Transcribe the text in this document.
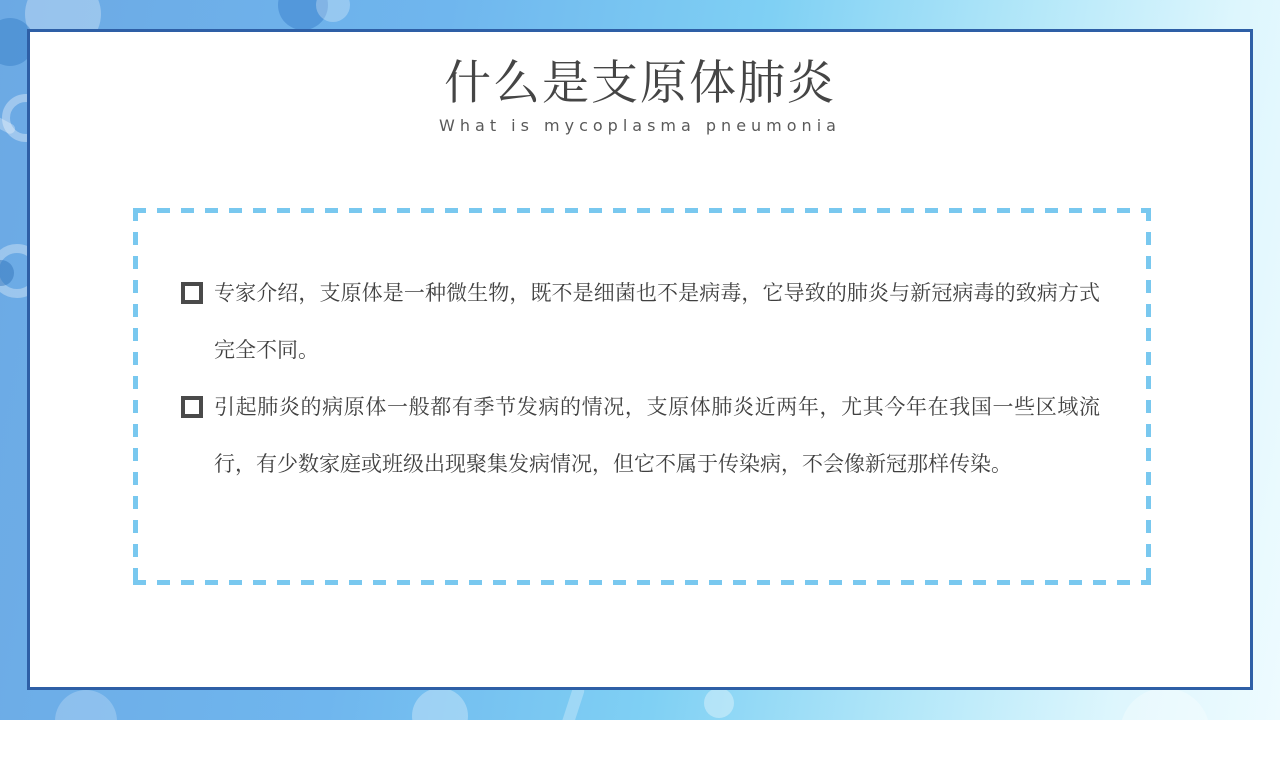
什么是支原体肺炎
What is mycoplasma pneumonia
专家介绍，支原体是一种微生物，既不是细菌也不是病毒，它导致的肺炎与新冠病毒的致病方式完全不同。
引起肺炎的病原体一般都有季节发病的情况，支原体肺炎近两年，尤其今年在我国一些区域流行，有少数家庭或班级出现聚集发病情况，但它不属于传染病，不会像新冠那样传染。
